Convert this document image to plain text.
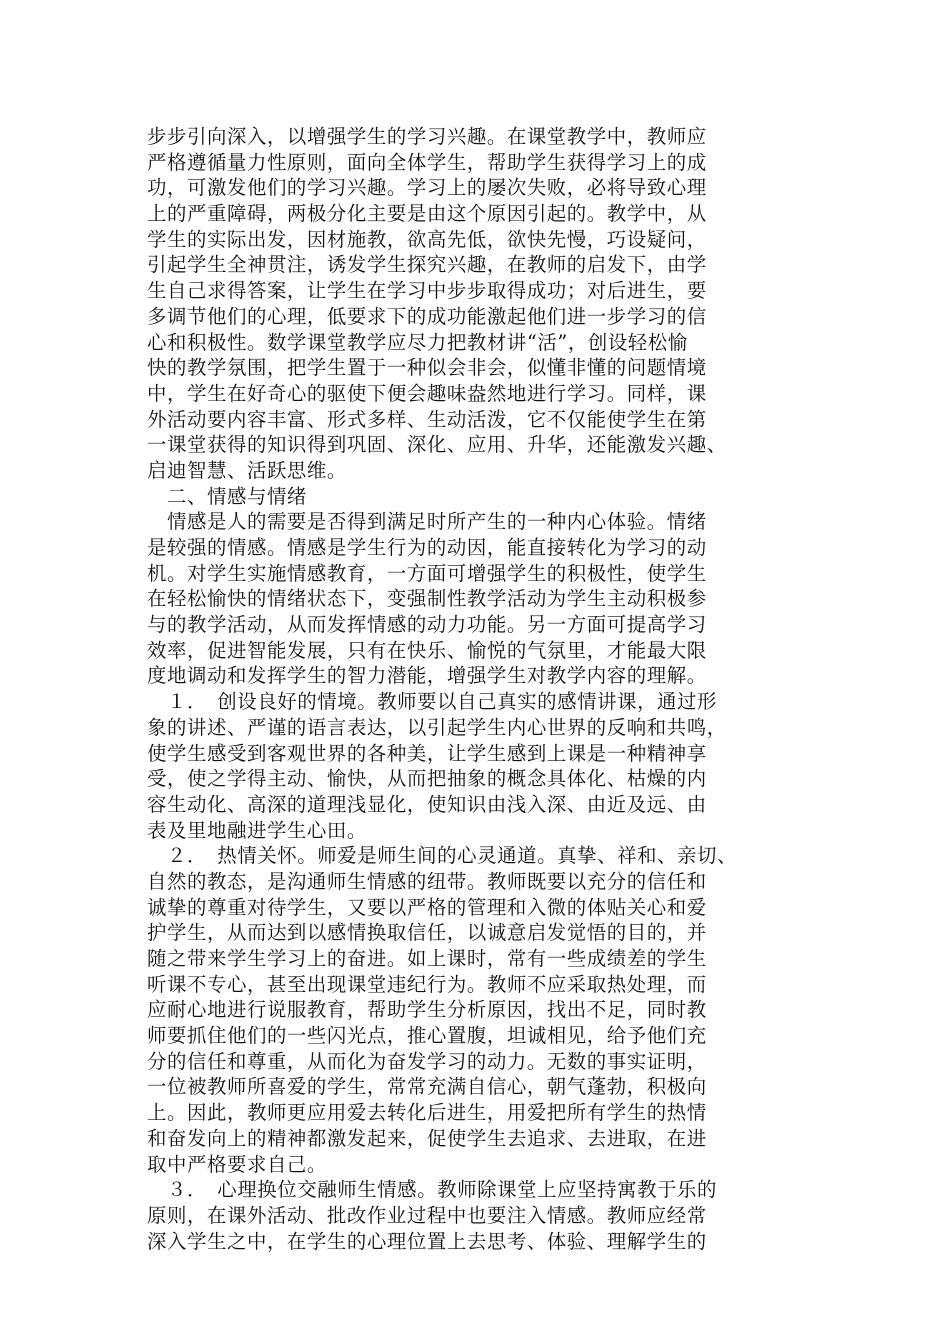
步步引向深入，以增强学生的学习兴趣。在课堂教学中，教师应
严格遵循量力性原则，面向全体学生，帮助学生获得学习上的成
功，可激发他们的学习兴趣。学习上的屡次失败，必将导致心理
上的严重障碍，两极分化主要是由这个原因引起的。教学中，从
学生的实际出发，因材施教，欲高先低，欲快先慢，巧设疑问，
引起学生全神贯注，诱发学生探究兴趣，在教师的启发下，由学
生自己求得答案，让学生在学习中步步取得成功；对后进生，要
多调节他们的心理，低要求下的成功能激起他们进一步学习的信
心和积极性。数学课堂教学应尽力把教材讲“活”，创设轻松愉
快的教学氛围，把学生置于一种似会非会，似懂非懂的问题情境
中，学生在好奇心的驱使下便会趣味盎然地进行学习。同样，课
外活动要内容丰富、形式多样、生动活泼，它不仅能使学生在第
一课堂获得的知识得到巩固、深化、应用、升华，还能激发兴趣、
启迪智慧、活跃思维。
　二、情感与情绪
　情感是人的需要是否得到满足时所产生的一种内心体验。情绪
是较强的情感。情感是学生行为的动因，能直接转化为学习的动
机。对学生实施情感教育，一方面可增强学生的积极性，使学生
在轻松愉快的情绪状态下，变强制性教学活动为学生主动积极参
与的教学活动，从而发挥情感的动力功能。另一方面可提高学习
效率，促进智能发展，只有在快乐、愉悦的气氛里，才能最大限
度地调动和发挥学生的智力潜能，增强学生对教学内容的理解。
　１．　创设良好的情境。教师要以自己真实的感情讲课，通过形
象的讲述、严谨的语言表达，以引起学生内心世界的反响和共鸣，
使学生感受到客观世界的各种美，让学生感到上课是一种精神享
受，使之学得主动、愉快，从而把抽象的概念具体化、枯燥的内
容生动化、高深的道理浅显化，使知识由浅入深、由近及远、由
表及里地融进学生心田。
　２．　热情关怀。师爱是师生间的心灵通道。真挚、祥和、亲切、
自然的教态，是沟通师生情感的纽带。教师既要以充分的信任和
诚挚的尊重对待学生，又要以严格的管理和入微的体贴关心和爱
护学生，从而达到以感情换取信任，以诚意启发觉悟的目的，并
随之带来学生学习上的奋进。如上课时，常有一些成绩差的学生
听课不专心，甚至出现课堂违纪行为。教师不应采取热处理，而
应耐心地进行说服教育，帮助学生分析原因，找出不足，同时教
师要抓住他们的一些闪光点，推心置腹，坦诚相见，给予他们充
分的信任和尊重，从而化为奋发学习的动力。无数的事实证明，
一位被教师所喜爱的学生，常常充满自信心，朝气蓬勃，积极向
上。因此，教师更应用爱去转化后进生，用爱把所有学生的热情
和奋发向上的精神都激发起来，促使学生去追求、去进取，在进
取中严格要求自己。
　３．　心理换位交融师生情感。教师除课堂上应坚持寓教于乐的
原则，在课外活动、批改作业过程中也要注入情感。教师应经常
深入学生之中，在学生的心理位置上去思考、体验、理解学生的
